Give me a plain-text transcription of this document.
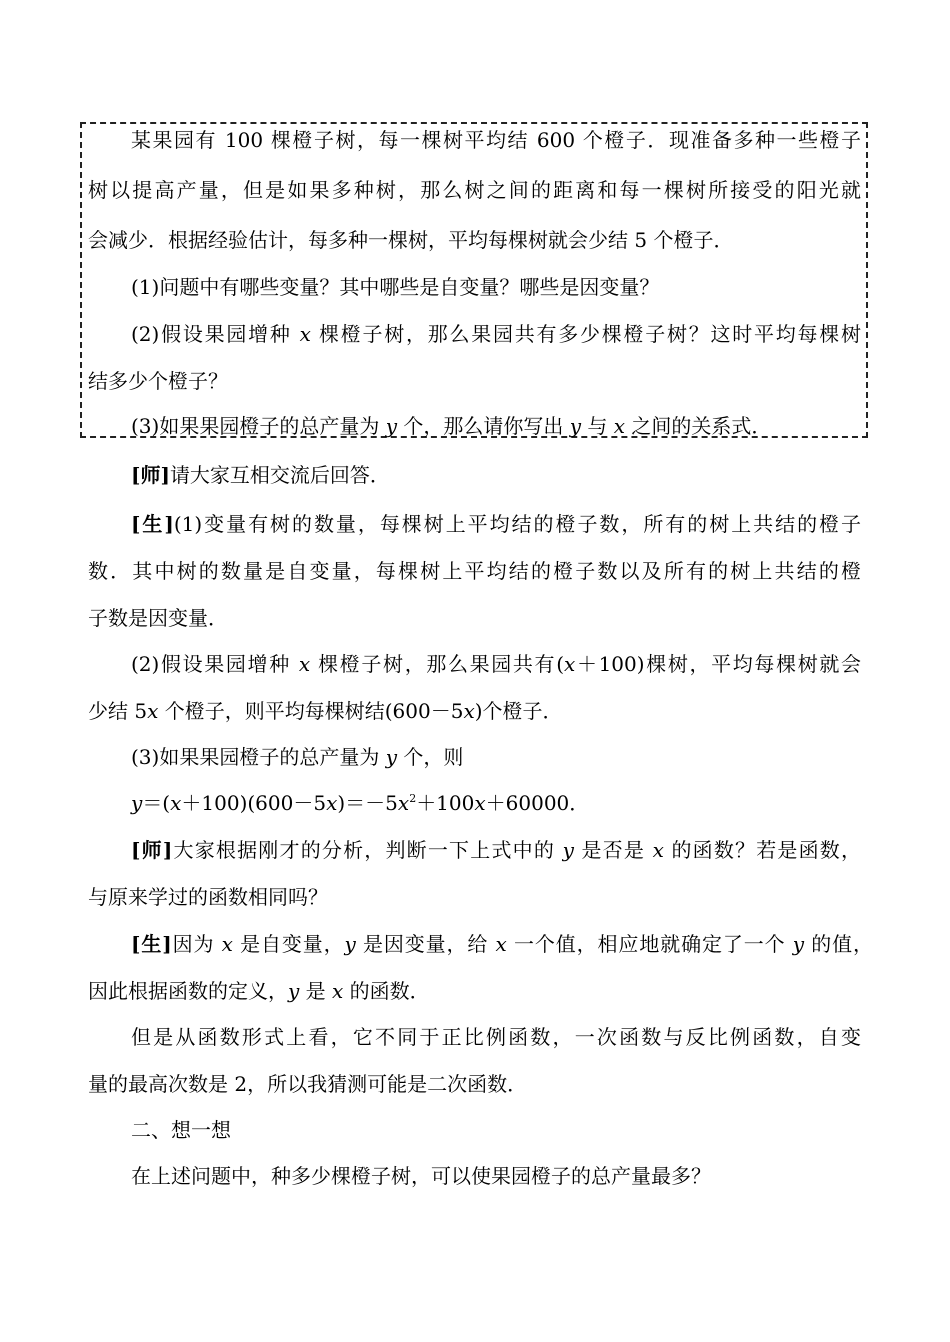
某果园有 100 棵橙子树，每一棵树平均结 600 个橙子．现准备多种一些橙子
树以提高产量，但是如果多种树，那么树之间的距离和每一棵树所接受的阳光就
会减少．根据经验估计，每多种一棵树，平均每棵树就会少结 5 个橙子．
(1)问题中有哪些变量？其中哪些是自变量？哪些是因变量？
(2)假设果园增种 x 棵橙子树，那么果园共有多少棵橙子树？这时平均每棵树
结多少个橙子？
(3)如果果园橙子的总产量为 y 个，那么请你写出 y 与 x 之间的关系式．
[师]请大家互相交流后回答．
[生](1)变量有树的数量，每棵树上平均结的橙子数，所有的树上共结的橙子
数．其中树的数量是自变量，每棵树上平均结的橙子数以及所有的树上共结的橙
子数是因变量．
(2)假设果园增种 x 棵橙子树，那么果园共有(x＋100)棵树，平均每棵树就会
少结 5x 个橙子，则平均每棵树结(600－5x)个橙子．
(3)如果果园橙子的总产量为 y 个，则
$y=(x+100)(600-5x)=-5x^2+100x+60000$．
[师]大家根据刚才的分析，判断一下上式中的 y 是否是 x 的函数？若是函数，
与原来学过的函数相同吗？
[生]因为 x 是自变量，y 是因变量，给 x 一个值，相应地就确定了一个 y 的值，
因此根据函数的定义，y 是 x 的函数．
但是从函数形式上看，它不同于正比例函数，一次函数与反比例函数，自变
量的最高次数是 2，所以我猜测可能是二次函数．
二、想一想
在上述问题中，种多少棵橙子树，可以使果园橙子的总产量最多？
